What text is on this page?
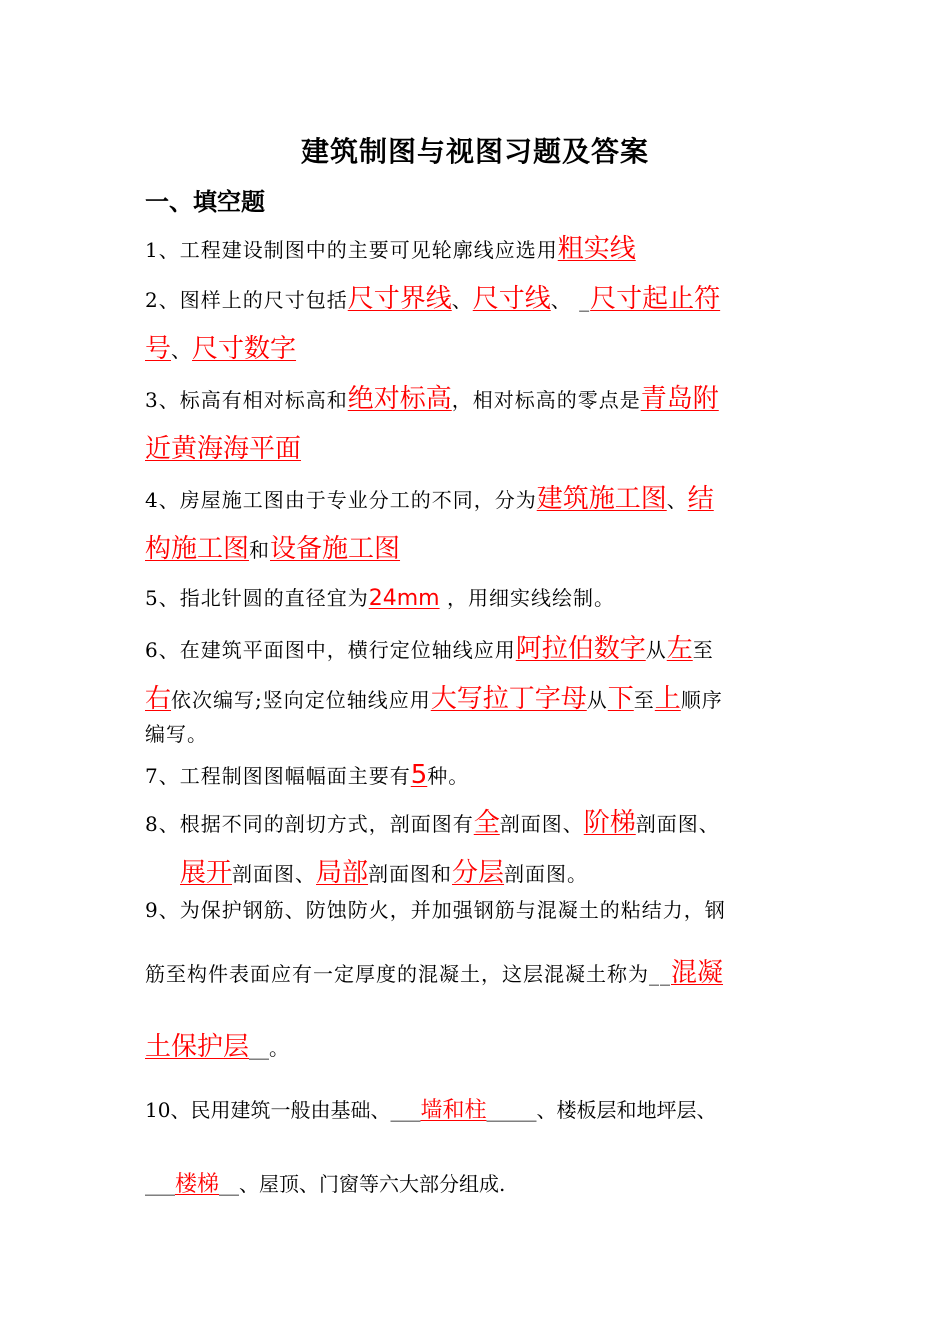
建筑制图与视图习题及答案
一、填空题
1、工程建设制图中的主要可见轮廓线应选用粗实线
2、图样上的尺寸包括尺寸界线、尺寸线、 _尺寸起止符
号、尺寸数字
3、标高有相对标高和绝对标高，相对标高的零点是青岛附
近黄海海平面
4、房屋施工图由于专业分工的不同，分为建筑施工图、结
构施工图和设备施工图
5、指北针圆的直径宜为24mm ，用细实线绘制。
6、在建筑平面图中，横行定位轴线应用阿拉伯数字从左至
右依次编写;竖向定位轴线应用大写拉丁字母从下至上顺序
编写。
7、工程制图图幅幅面主要有5种。
8、根据不同的剖切方式，剖面图有全剖面图、阶梯剖面图、
展开剖面图、局部剖面图和分层剖面图。
9、为保护钢筋、防蚀防火，并加强钢筋与混凝土的粘结力，钢
筋至构件表面应有一定厚度的混凝土，这层混凝土称为__混凝
土保护层__。
10、民用建筑一般由基础、___墙和柱_____、楼板层和地坪层、
___楼梯__、屋顶、门窗等六大部分组成.
